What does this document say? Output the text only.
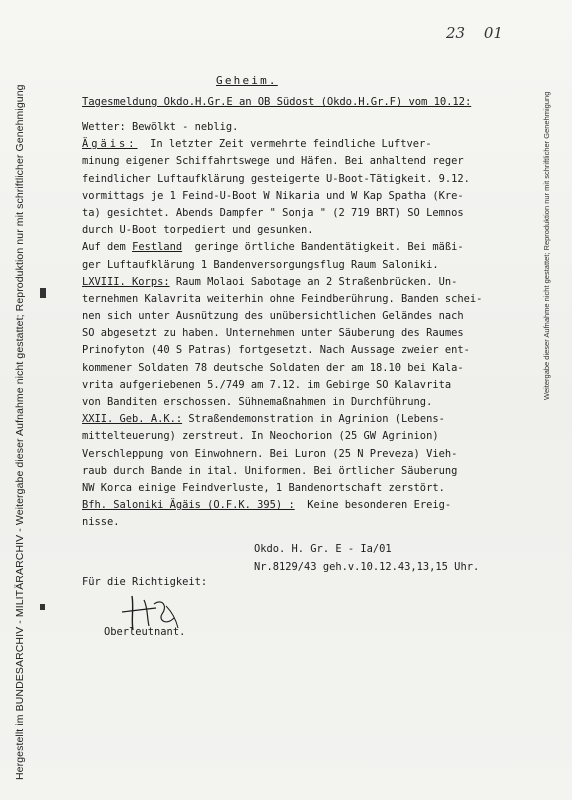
23 01
Geheim.
Tagesmeldung Okdo.H.Gr.E an OB Südost (Okdo.H.Gr.F) vom 10.12:
Wetter: Bewölkt - neblig.
Ägäis: In letzter Zeit vermehrte feindliche Luftver-
minung eigener Schiffahrtswege und Häfen. Bei anhaltend reger
feindlicher Luftaufklärung gesteigerte U-Boot-Tätigkeit. 9.12.
vormittags je 1 Feind-U-Boot W Nikaria und W Kap Spatha (Kre-
ta) gesichtet. Abends Dampfer " Sonja " (2 719 BRT) SO Lemnos
durch U-Boot torpediert und gesunken.
Auf dem Festland geringe örtliche Bandentätigkeit. Bei mäßi-
ger Luftaufklärung 1 Bandenversorgungsflug Raum Saloniki.
LXVIII. Korps: Raum Molaoi Sabotage an 2 Straßenbrücken. Un-
ternehmen Kalavrita weiterhin ohne Feindberührung. Banden schei-
nen sich unter Ausnützung des unübersichtlichen Geländes nach
SO abgesetzt zu haben. Unternehmen unter Säuberung des Raumes
Prinofyton (40 S Patras) fortgesetzt. Nach Aussage zweier ent-
kommener Soldaten 78 deutsche Soldaten der am 18.10 bei Kala-
vrita aufgeriebenen 5./749 am 7.12. im Gebirge SO Kalavrita
von Banditen erschossen. Sühnemaßnahmen in Durchführung.
XXII. Geb. A.K.: Straßendemonstration in Agrinion (Lebens-
mittelteuerung) zerstreut. In Neochorion (25 GW Agrinion)
Verschleppung von Einwohnern. Bei Luron (25 N Preveza) Vieh-
raub durch Bande in ital. Uniformen. Bei örtlicher Säuberung
NW Korca einige Feindverluste, 1 Bandenortschaft zerstört.
Bfh. Saloniki Ägäis (O.F.K. 395) : Keine besonderen Ereig-
nisse.
Okdo. H. Gr. E - Ia/01
Nr.8129/43 geh.v.10.12.43,13,15 Uhr.
Für die Richtigkeit:
Oberleutnant.
Hergestellt im BUNDESARCHIV - MILITÄRARCHIV - Weitergabe dieser Aufnahme nicht gestattet; Reproduktion nur mit schriftlicher Genehmigung	Weitergabe dieser Aufnahme nicht gestattet; Reproduktion nur mit schriftlicher Genehmigung
